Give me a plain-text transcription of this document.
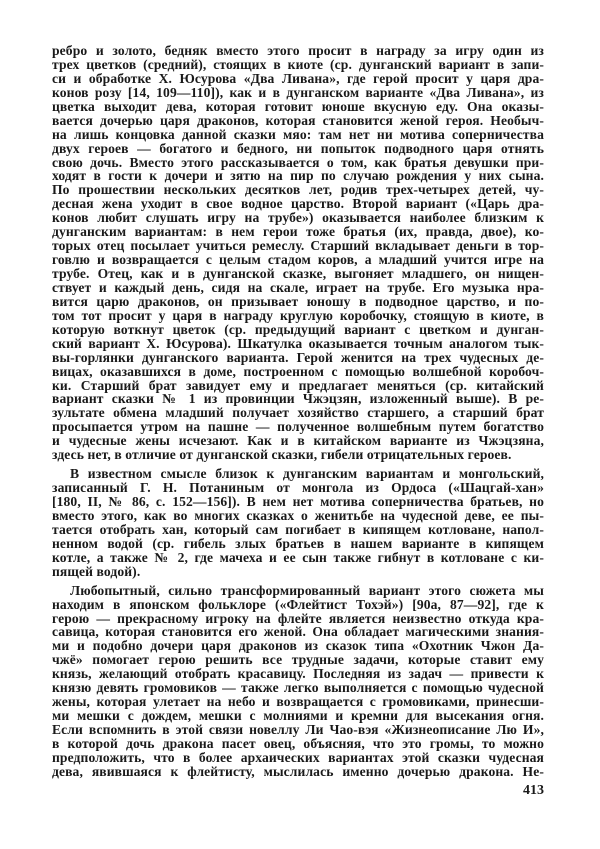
ребро и золото, бедняк вместо этого просит в награду за игру один из
трех цветков (средний), стоящих в киоте (ср. дунганский вариант в запи-
си и обработке Х. Юсурова «Два Ливана», где герой просит у царя дра-
конов розу [14, 109—110]), как и в дунганском варианте «Два Ливана», из
цветка выходит дева, которая готовит юноше вкусную еду. Она оказы-
вается дочерью царя драконов, которая становится женой героя. Необыч-
на лишь концовка данной сказки мяо: там нет ни мотива соперничества
двух героев — богатого и бедного, ни попыток подводного царя отнять
свою дочь. Вместо этого рассказывается о том, как братья девушки при-
ходят в гости к дочери и зятю на пир по случаю рождения у них сына.
По прошествии нескольких десятков лет, родив трех-четырех детей, чу-
десная жена уходит в свое водное царство. Второй вариант («Царь дра-
конов любит слушать игру на трубе») оказывается наиболее близким к
дунганским вариантам: в нем герои тоже братья (их, правда, двое), ко-
торых отец посылает учиться ремеслу. Старший вкладывает деньги в тор-
говлю и возвращается с целым стадом коров, а младший учится игре на
трубе. Отец, как и в дунганской сказке, выгоняет младшего, он нищен-
ствует и каждый день, сидя на скале, играет на трубе. Его музыка нра-
вится царю драконов, он призывает юношу в подводное царство, и по-
том тот просит у царя в награду круглую коробочку, стоящую в киоте, в
которую воткнут цветок (ср. предыдущий вариант с цветком и дунган-
ский вариант Х. Юсурова). Шкатулка оказывается точным аналогом тык-
вы-горлянки дунганского варианта. Герой женится на трех чудесных де-
вицах, оказавшихся в доме, построенном с помощью волшебной коробоч-
ки. Старший брат завидует ему и предлагает меняться (ср. китайский
вариант сказки № 1 из провинции Чжэцзян, изложенный выше). В ре-
зультате обмена младший получает хозяйство старшего, а старший брат
просыпается утром на пашне — полученное волшебным путем богатство
и чудесные жены исчезают. Как и в китайском варианте из Чжэцзяна,
здесь нет, в отличие от дунганской сказки, гибели отрицательных героев.
В известном смысле близок к дунганским вариантам и монгольский,
записанный Г. Н. Потаниным от монгола из Ордоса («Шацгай-хан»
[180, II, № 86, с. 152—156]). В нем нет мотива соперничества братьев, но
вместо этого, как во многих сказках о женитьбе на чудесной деве, ее пы-
тается отобрать хан, который сам погибает в кипящем котловане, напол-
ненном водой (ср. гибель злых братьев в нашем варианте в кипящем
котле, а также № 2, где мачеха и ее сын также гибнут в котловане с ки-
пящей водой).
Любопытный, сильно трансформированный вариант этого сюжета мы
находим в японском фольклоре («Флейтист Тохэй») [90а, 87—92], где к
герою — прекрасному игроку на флейте является неизвестно откуда кра-
савица, которая становится его женой. Она обладает магическими знания-
ми и подобно дочери царя драконов из сказок типа «Охотник Чжон Да-
чжё» помогает герою решить все трудные задачи, которые ставит ему
князь, желающий отобрать красавицу. Последняя из задач — привести к
князю девять громовиков — также легко выполняется с помощью чудесной
жены, которая улетает на небо и возвращается с громовиками, принесши-
ми мешки с дождем, мешки с молниями и кремни для высекания огня.
Если вспомнить в этой связи новеллу Ли Чао-вэя «Жизнеописание Лю И»,
в которой дочь дракона пасет овец, объясняя, что это громы, то можно
предположить, что в более архаических вариантах этой сказки чудесная
дева, явившаяся к флейтисту, мыслилась именно дочерью дракона. Не-
413
